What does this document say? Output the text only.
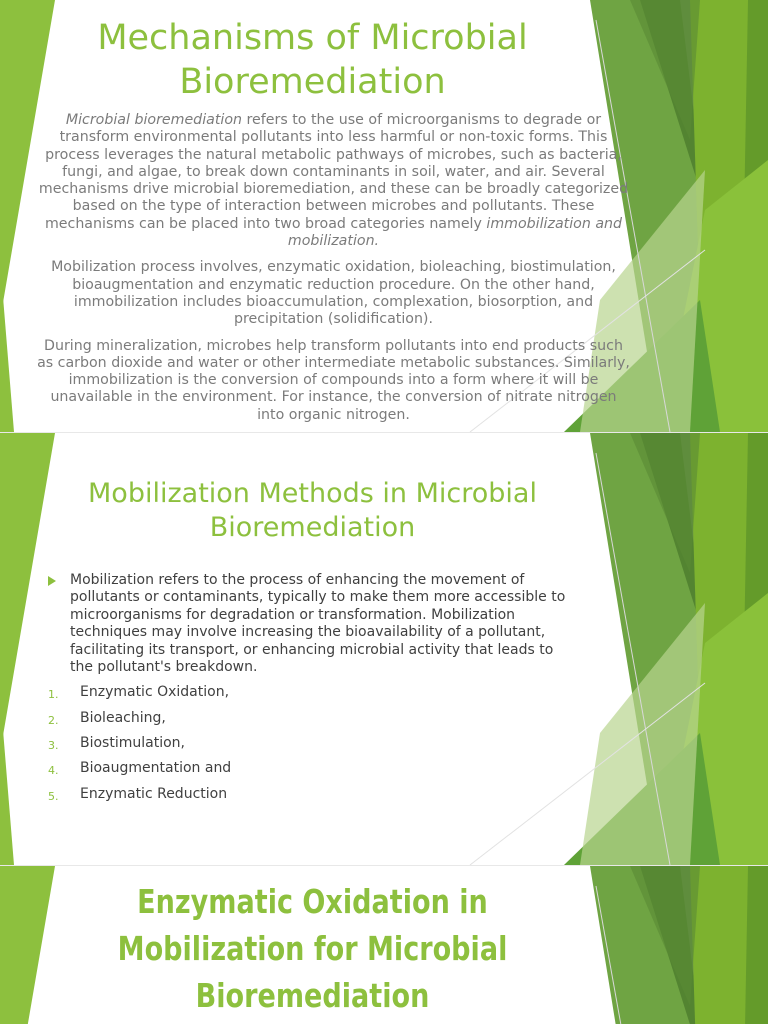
Mechanisms of Microbial Bioremediation

Microbial bioremediation refers to the use of microorganisms to degrade or transform environmental pollutants into less harmful or non-toxic forms. This process leverages the natural metabolic pathways of microbes, such as bacteria, fungi, and algae, to break down contaminants in soil, water, and air. Several mechanisms drive microbial bioremediation, and these can be broadly categorized based on the type of interaction between microbes and pollutants. These mechanisms can be placed into two broad categories namely immobilization and mobilization.

Mobilization process involves, enzymatic oxidation, bioleaching, biostimulation, bioaugmentation and enzymatic reduction procedure. On the other hand, immobilization includes bioaccumulation, complexation, biosorption, and precipitation (solidification).

During mineralization, microbes help transform pollutants into end products such as carbon dioxide and water or other intermediate metabolic substances. Similarly, immobilization is the conversion of compounds into a form where it will be unavailable in the environment. For instance, the conversion of nitrate nitrogen into organic nitrogen.

Mobilization Methods in Microbial Bioremediation
Mobilization refers to the process of enhancing the movement of pollutants or contaminants, typically to make them more accessible to microorganisms for degradation or transformation. Mobilization techniques may involve increasing the bioavailability of a pollutant, facilitating its transport, or enhancing microbial activity that leads to the pollutant's breakdown.
1. Enzymatic Oxidation,
2. Bioleaching,
3. Biostimulation,
4. Bioaugmentation and
5. Enzymatic Reduction
Enzymatic Oxidation in Mobilization for Microbial Bioremediation
